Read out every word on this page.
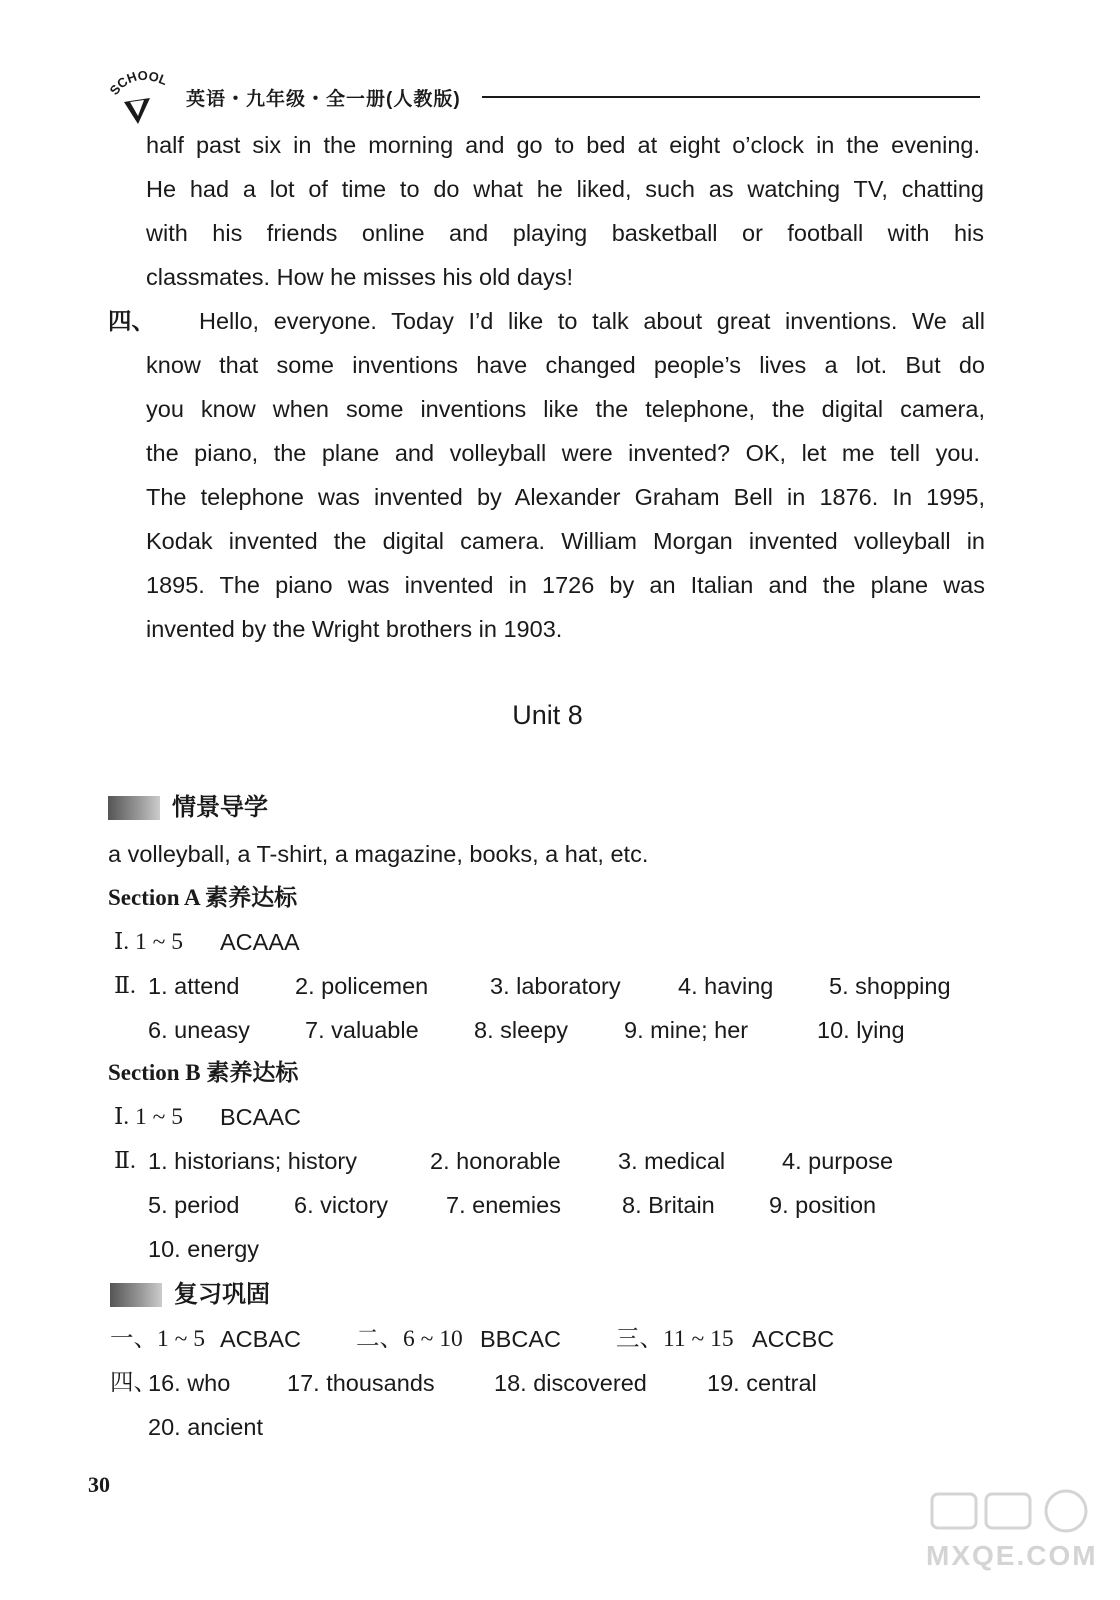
SCHOOL
英语・九年级・全一册(人教版)
half past six in the morning and go to bed at eight o’clock in the evening.
He had a lot of time to do what he liked, such as watching TV, chatting
with his friends online and playing basketball or football with his
classmates. How he misses his old days!
四、 Hello, everyone. Today I’d like to talk about great inventions. We all
know that some inventions have changed people’s lives a lot. But do
you know when some inventions like the telephone, the digital camera,
the piano, the plane and volleyball were invented? OK, let me tell you.
The telephone was invented by Alexander Graham Bell in 1876. In 1995,
Kodak invented the digital camera. William Morgan invented volleyball in
1895. The piano was invented in 1726 by an Italian and the plane was
invented by the Wright brothers in 1903.
Unit 8
情景导学
a volleyball, a T-shirt, a magazine, books, a hat, etc.
Section A 素养达标
Ⅰ. 1 ~ 5 ACAAA
Ⅱ. 1. attend 2. policemen	3. laboratory 4. having 5. shopping
6. uneasy 7. valuable 8. sleepy 9. mine; her	10. lying
Section B 素养达标
Ⅰ. 1 ~ 5 BCAAC
Ⅱ. 1. historians; history	2. honorable 3. medical 4. purpose
5. period 6. victory 7. enemies	8. Britain 9. position
10. energy
复习巩固
一、1 ~ 5 ACBAC 二、6 ~ 10 BBCAC 三、11 ~ 15 ACCBC
四、
16. who 17. thousands	18. discovered	19. central
20. ancient
30
MXQE.COM
